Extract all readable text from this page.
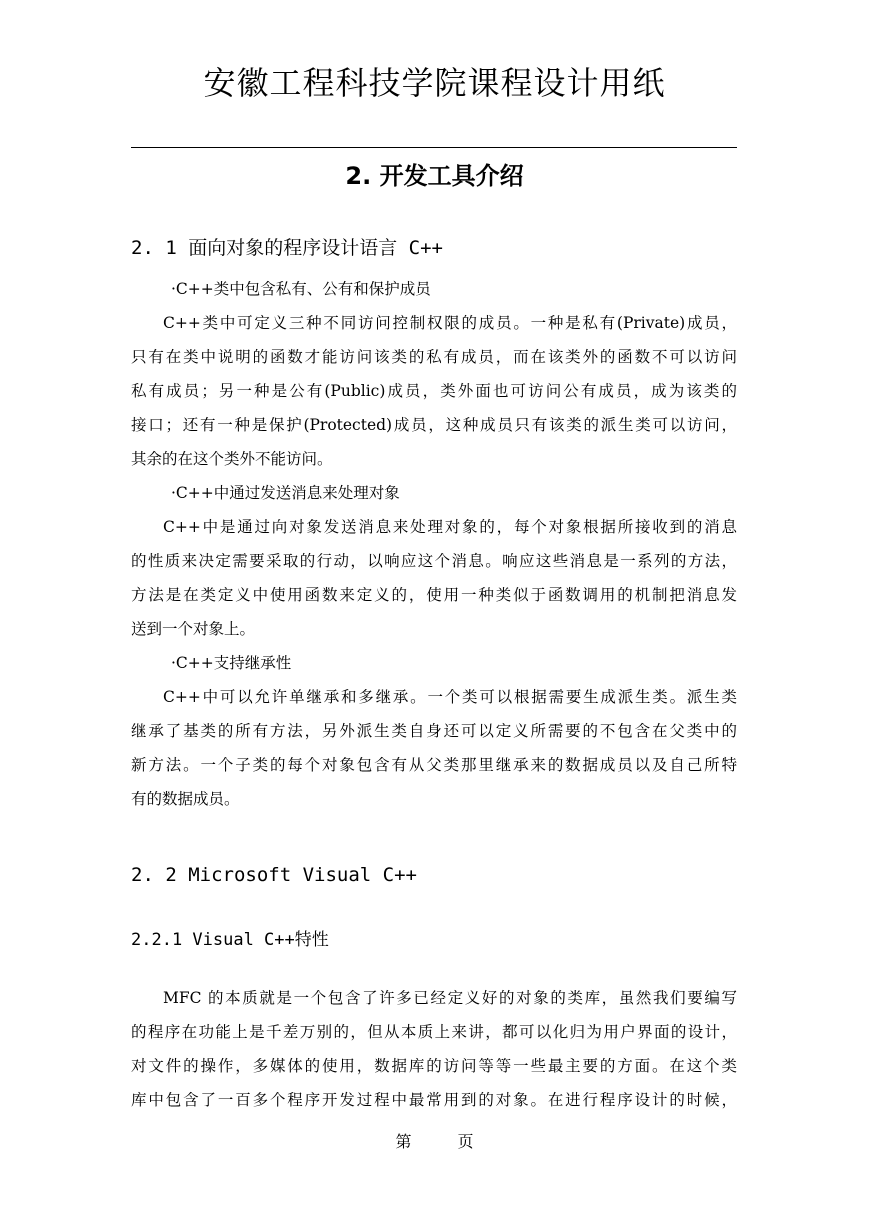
安徽工程科技学院课程设计用纸
2. 开发工具介绍
2. 1 面向对象的程序设计语言 C++
·C++类中包含私有、公有和保护成员
C++类中可定义三种不同访问控制权限的成员。一种是私有(Private)成员，
只有在类中说明的函数才能访问该类的私有成员，而在该类外的函数不可以访问
私有成员；另一种是公有(Public)成员，类外面也可访问公有成员，成为该类的
接口；还有一种是保护(Protected)成员，这种成员只有该类的派生类可以访问，
其余的在这个类外不能访问。
·C++中通过发送消息来处理对象
C++中是通过向对象发送消息来处理对象的，每个对象根据所接收到的消息
的性质来决定需要采取的行动，以响应这个消息。响应这些消息是一系列的方法，
方法是在类定义中使用函数来定义的，使用一种类似于函数调用的机制把消息发
送到一个对象上。
·C++支持继承性
C++中可以允许单继承和多继承。一个类可以根据需要生成派生类。派生类
继承了基类的所有方法，另外派生类自身还可以定义所需要的不包含在父类中的
新方法。一个子类的每个对象包含有从父类那里继承来的数据成员以及自己所特
有的数据成员。
2. 2 Microsoft Visual C++
2.2.1 Visual C++特性
MFC 的本质就是一个包含了许多已经定义好的对象的类库，虽然我们要编写
的程序在功能上是千差万别的，但从本质上来讲，都可以化归为用户界面的设计，
对文件的操作，多媒体的使用，数据库的访问等等一些最主要的方面。在这个类
库中包含了一百多个程序开发过程中最常用到的对象。在进行程序设计的时候，
第	页
